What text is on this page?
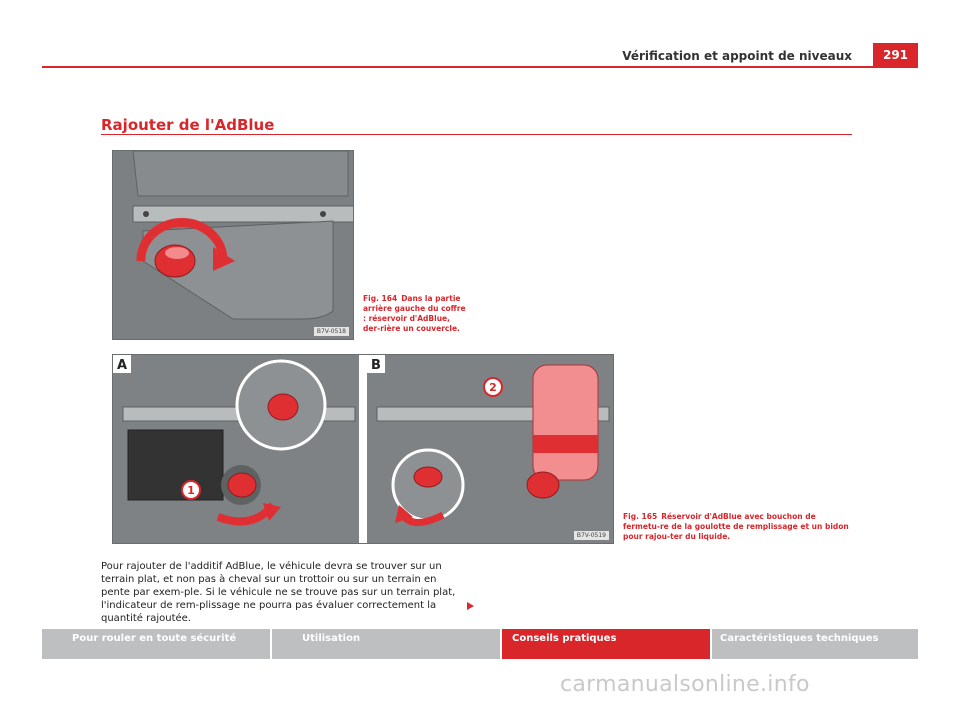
Vérification et appoint de niveaux	291
Rajouter de l'AdBlue
B7V-0518
Fig. 164 Dans la partie arrière gauche du coffre : réservoir d'AdBlue, der-rière un couvercle.
1
2
A	B
B7V-0519
Fig. 165 Réservoir d'AdBlue avec bouchon de fermetu-re de la goulotte de remplissage et un bidon pour rajou-ter du liquide.
Pour rajouter de l'additif AdBlue, le véhicule devra se trouver sur un terrain plat, et non pas à cheval sur un trottoir ou sur un terrain en pente par exem-ple. Si le véhicule ne se trouve pas sur un terrain plat, l'indicateur de rem-plissage ne pourra pas évaluer correctement la quantité rajoutée.
Pour rouler en toute sécurité	Utilisation	Conseils pratiques	Caractéristiques techniques
carmanualsonline.info
